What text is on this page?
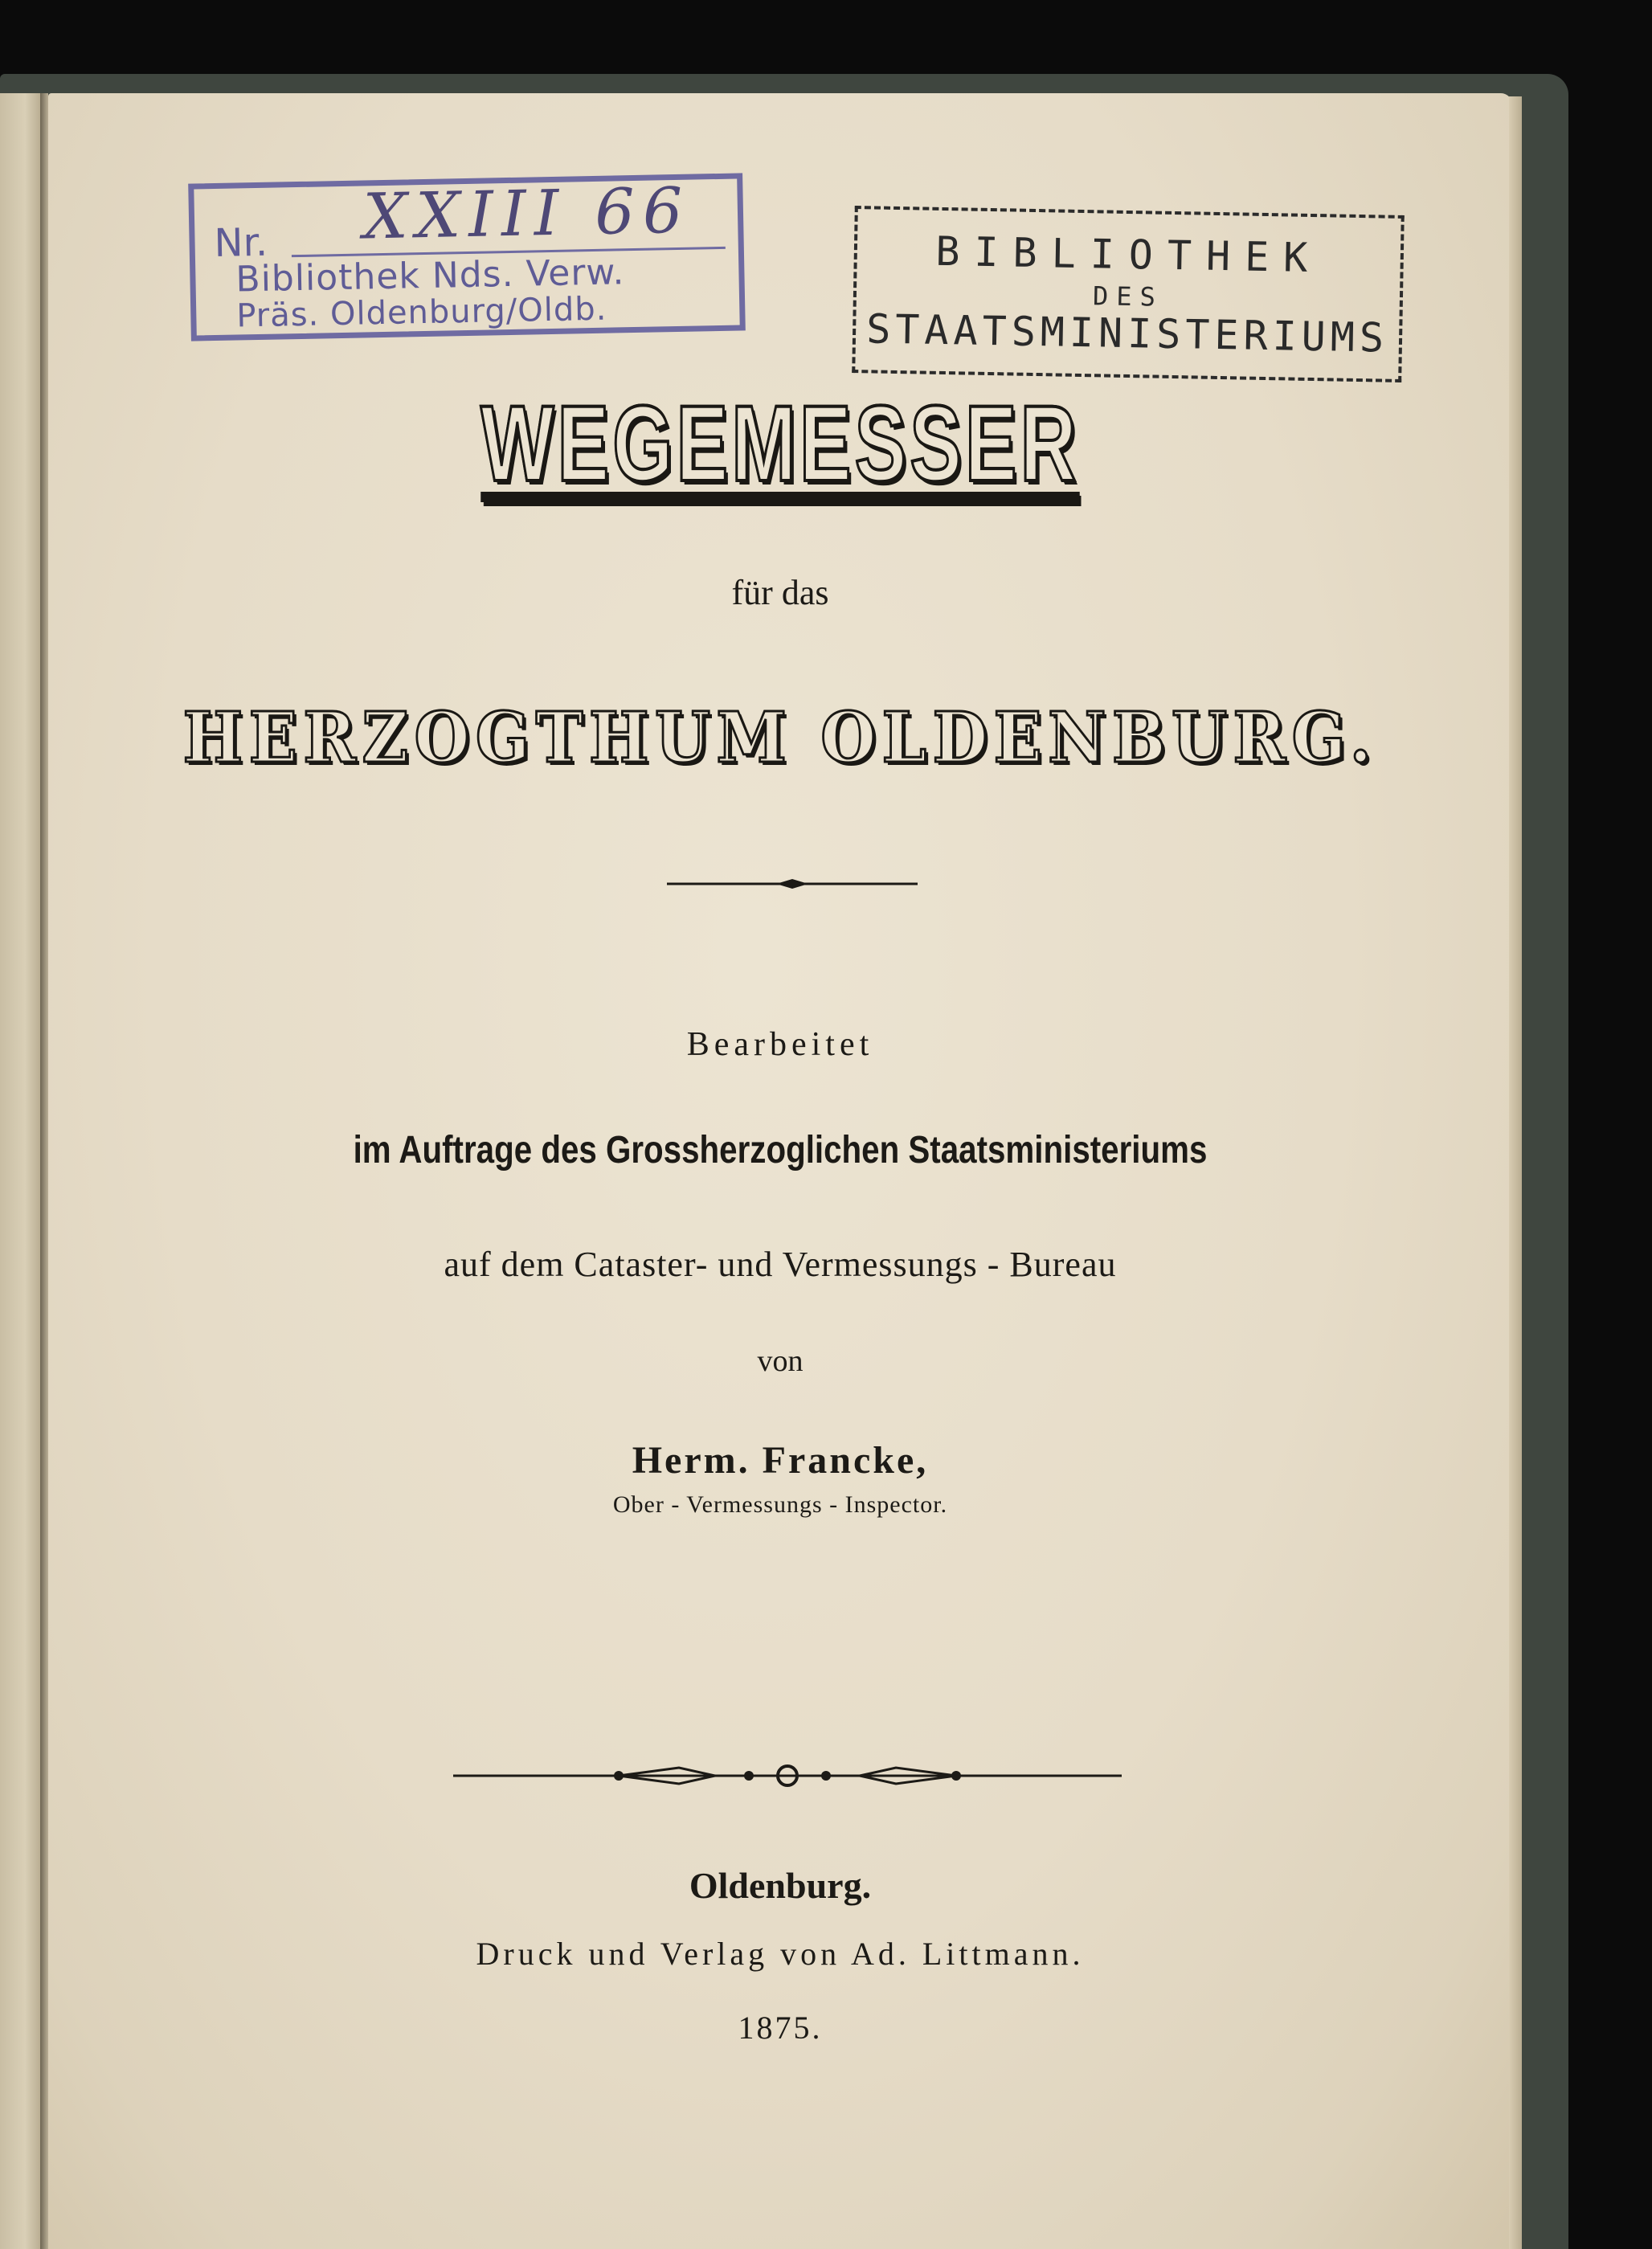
Nr. XXIII 66
Bibliothek Nds. Verw.
Präs. Oldenburg/Oldb.
BIBLIOTHEK
DES
STAATSMINISTERIUMS
WEGEMESSER
für das
HERZOGTHUM OLDENBURG.
Bearbeitet
im Auftrage des Grossherzoglichen Staatsministeriums
auf dem Cataster- und Vermessungs - Bureau
von
Herm. Francke,
Ober - Vermessungs - Inspector.
Oldenburg.
Druck und Verlag von Ad. Littmann.
1875.
